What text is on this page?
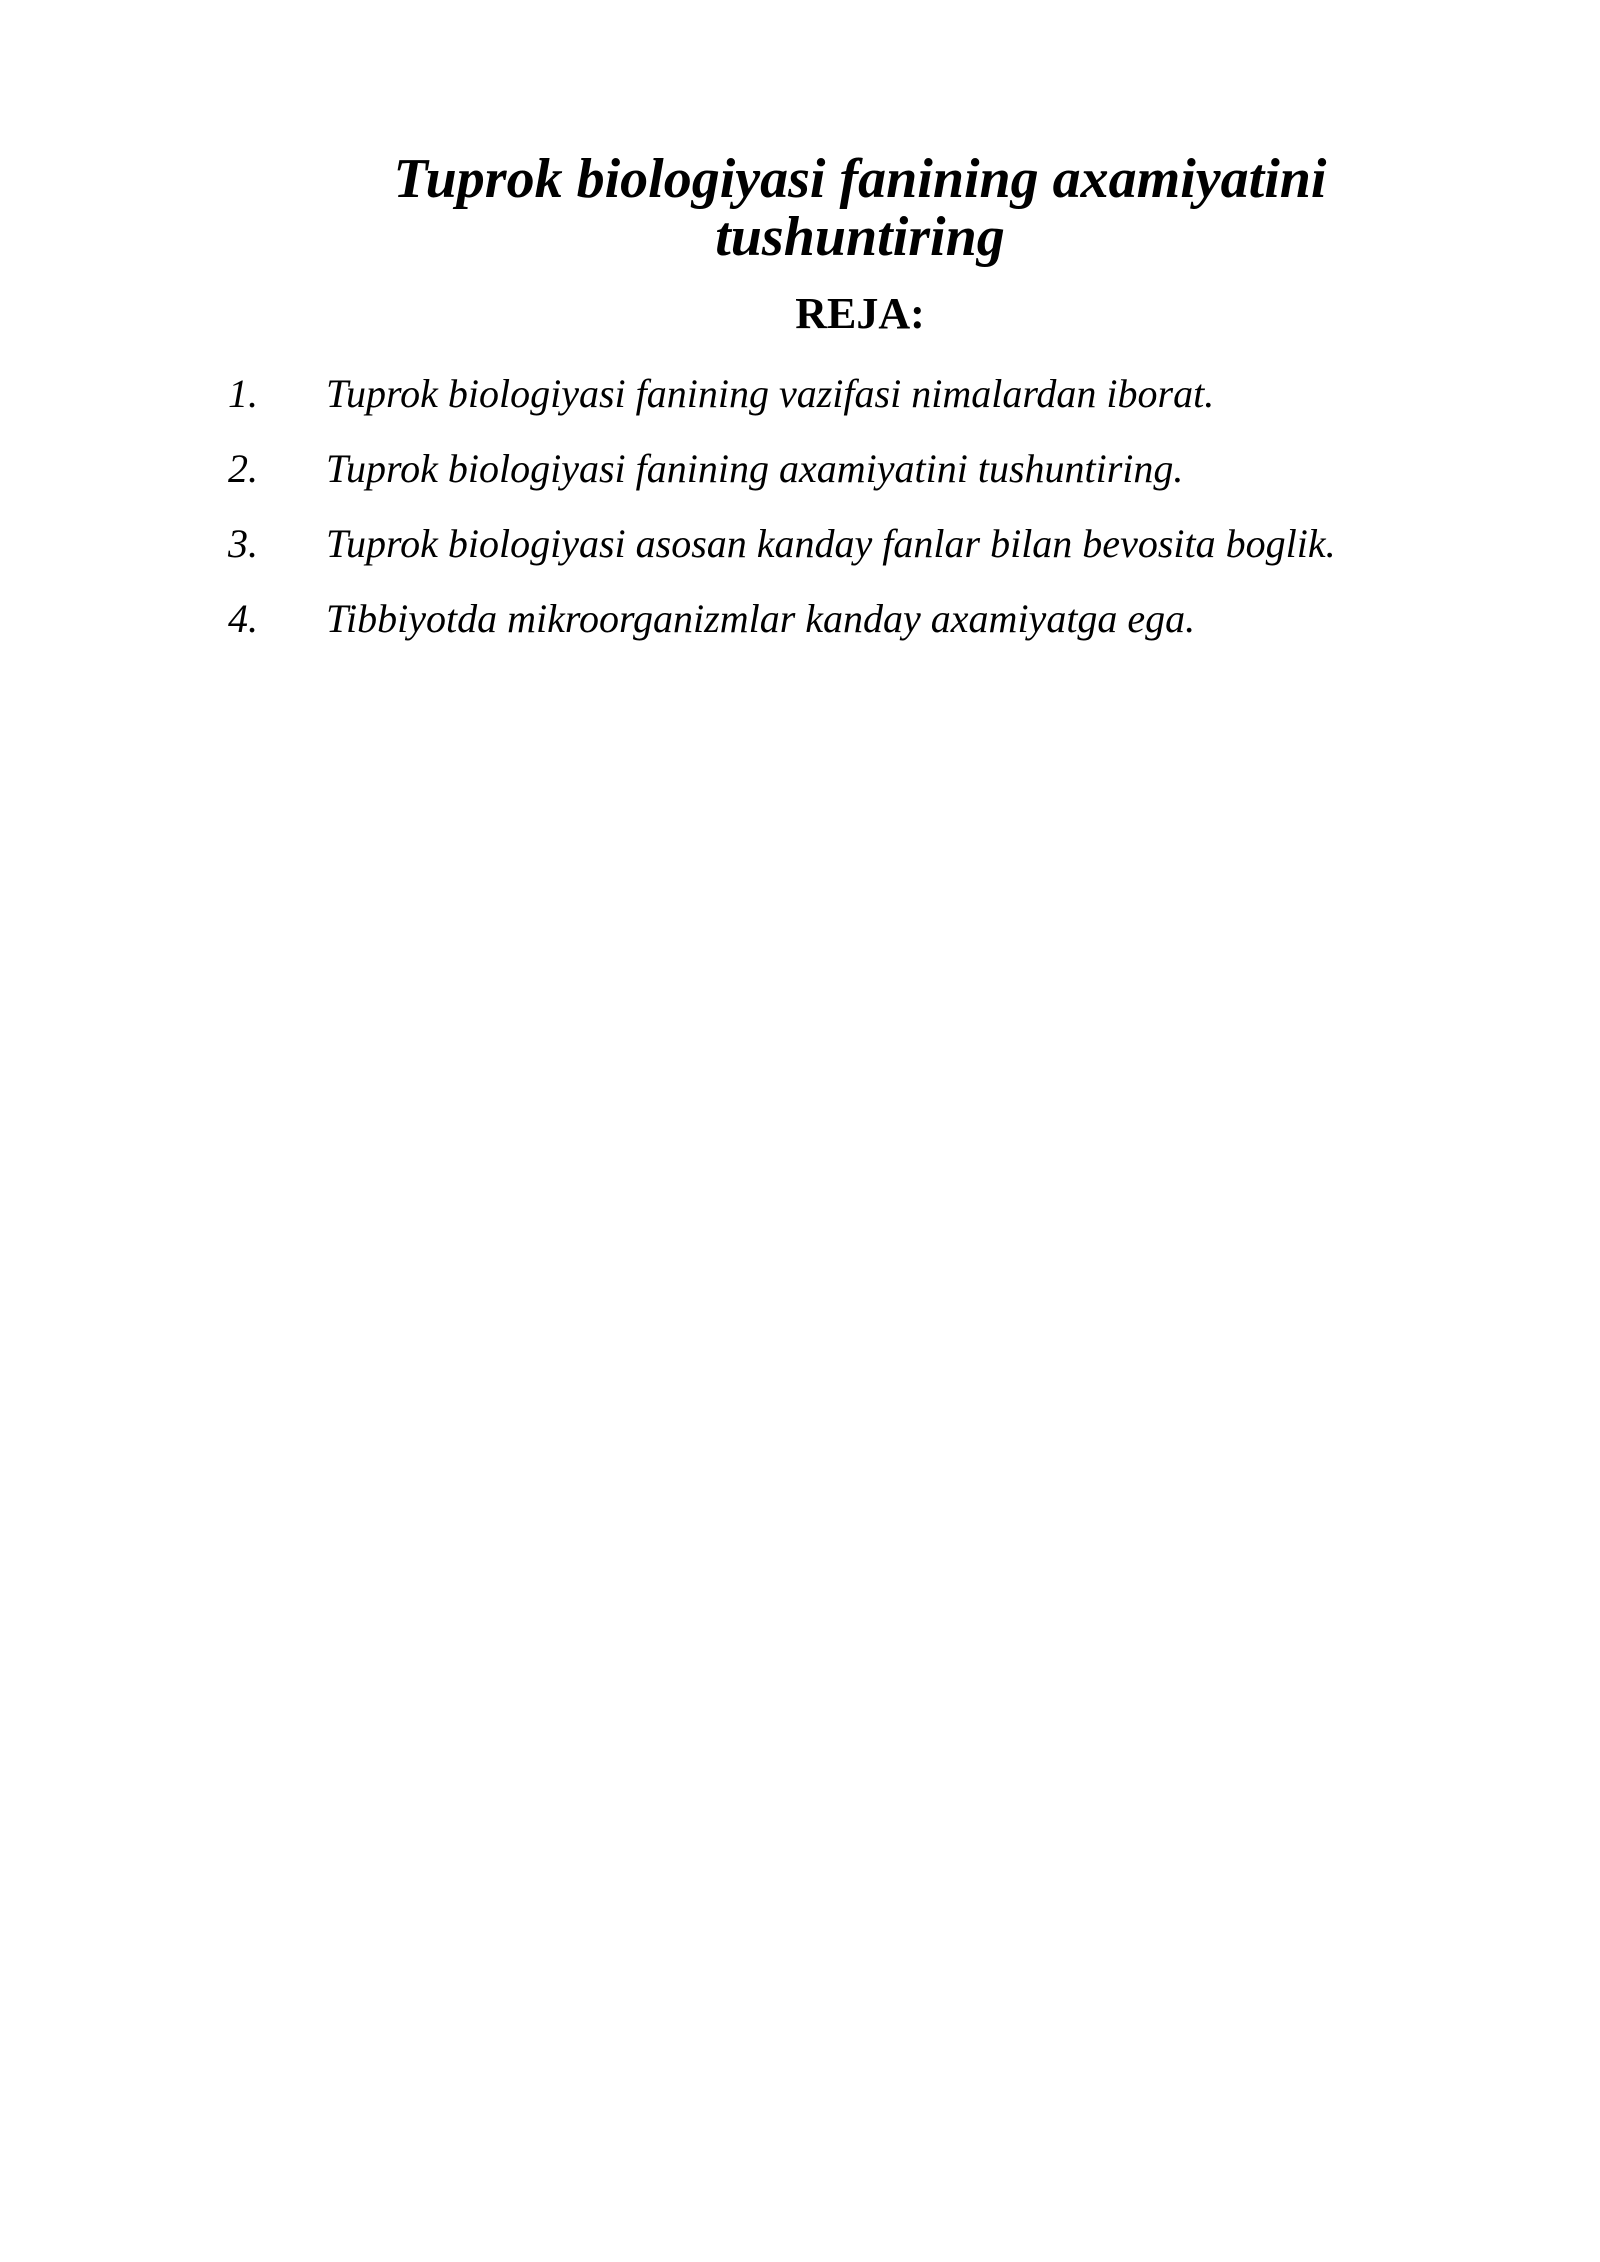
Tuprok biologiyasi fanining axamiyatini tushuntiring
REJA:
1.	Tuprok biologiyasi fanining vazifasi nimalardan iborat.
2.	Tuprok biologiyasi fanining axamiyatini tushuntiring.
3.	Tuprok biologiyasi asosan kanday fanlar bilan bevosita boglik.
4.	Tibbiyotda mikroorganizmlar kanday axamiyatga ega.
